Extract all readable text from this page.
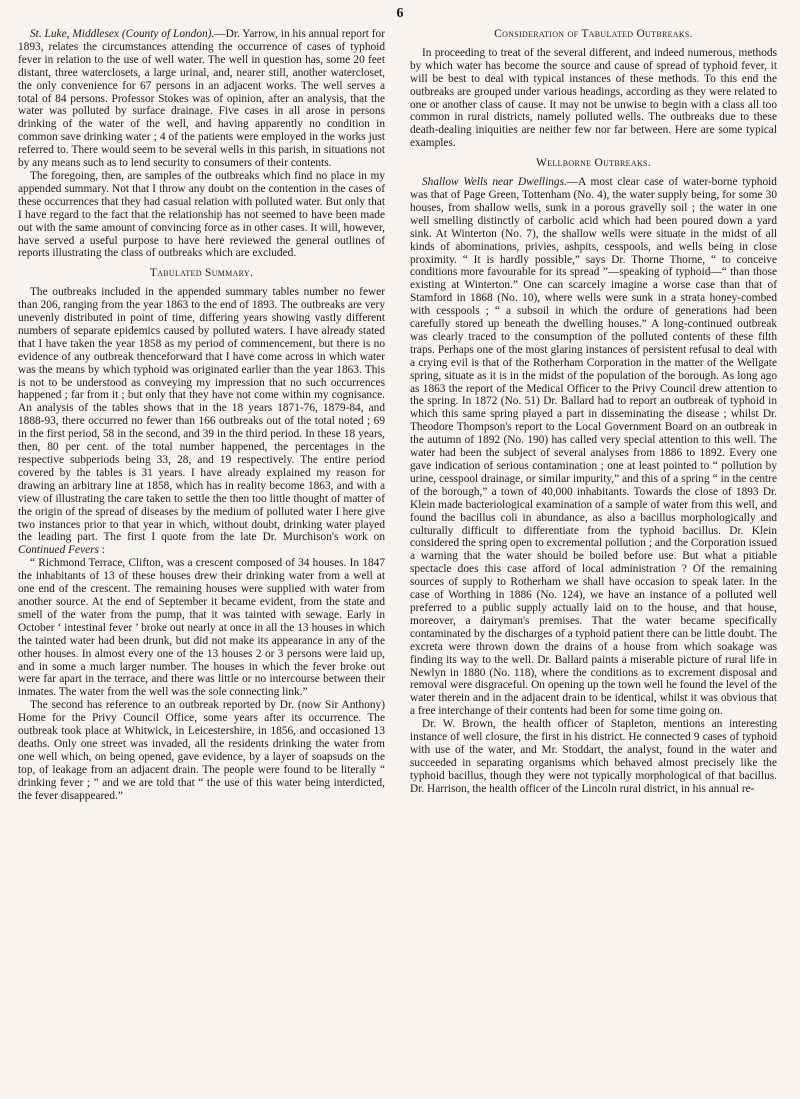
6

St. Luke, Middlesex (County of London).—Dr. Yarrow, in his annual report for 1893, relates the circumstances attending the occurrence of cases of typhoid fever in relation to the use of well water. The well in question has, some 20 feet distant, three waterclosets, a large urinal, and, nearer still, another watercloset, the only convenience for 67 persons in an adjacent works. The well serves a total of 84 persons. Professor Stokes was of opinion, after an analysis, that the water was polluted by surface drainage. Five cases in all arose in persons drinking of the water of the well, and having apparently no condition in common save drinking water ; 4 of the patients were employed in the works just referred to. There would seem to be several wells in this parish, in situations not by any means such as to lend security to consumers of their contents.

The foregoing, then, are samples of the outbreaks which find no place in my appended summary. Not that I throw any doubt on the contention in the cases of these occurrences that they had casual relation with polluted water. But only that I have regard to the fact that the relationship has not seemed to have been made out with the same amount of convincing force as in other cases. It will, however, have served a useful purpose to have here reviewed the general outlines of reports illustrating the class of outbreaks which are excluded.

Tabulated Summary.

The outbreaks included in the appended summary tables number no fewer than 206, ranging from the year 1863 to the end of 1893. The outbreaks are very unevenly distributed in point of time, differing years showing vastly different numbers of separate epidemics caused by polluted waters. I have already stated that I have taken the year 1858 as my period of commencement, but there is no evidence of any outbreak thenceforward that I have come across in which water was the means by which typhoid was originated earlier than the year 1863. This is not to be understood as conveying my impression that no such occurrences happened ; far from it ; but only that they have not come within my cognisance. An analysis of the tables shows that in the 18 years 1871-76, 1879-84, and 1888-93, there occurred no fewer than 166 outbreaks out of the total noted ; 69 in the first period, 58 in the second, and 39 in the third period. In these 18 years, then, 80 per cent. of the total number happened, the percentages in the respective subperiods being 33, 28, and 19 respectively. The entire period covered by the tables is 31 years. I have already explained my reason for drawing an arbitrary line at 1858, which has in reality become 1863, and with a view of illustrating the care taken to settle the then too little thought of matter of the origin of the spread of diseases by the medium of polluted water I here give two instances prior to that year in which, without doubt, drinking water played the leading part. The first I quote from the late Dr. Murchison's work on Continued Fevers :

“ Richmond Terrace, Clifton, was a crescent composed of 34 houses. In 1847 the inhabitants of 13 of these houses drew their drinking water from a well at one end of the crescent. The remaining houses were supplied with water from another source. At the end of September it became evident, from the state and smell of the water from the pump, that it was tainted with sewage. Early in October ‘ intestinal fever ’ broke out nearly at once in all the 13 houses in which the tainted water had been drunk, but did not make its appearance in any of the other houses. In almost every one of the 13 houses 2 or 3 persons were laid up, and in some a much larger number. The houses in which the fever broke out were far apart in the terrace, and there was little or no intercourse between their inmates. The water from the well was the sole connecting link.”

The second has reference to an outbreak reported by Dr. (now Sir Anthony) Home for the Privy Council Office, some years after its occurrence. The outbreak took place at Whitwick, in Leicestershire, in 1856, and occasioned 13 deaths. Only one street was invaded, all the residents drinking the water from one well which, on being opened, gave evidence, by a layer of soapsuds on the top, of leakage from an adjacent drain. The people were found to be literally “ drinking fever ; ” and we are told that “ the use of this water being interdicted, the fever disappeared.”

Consideration of Tabulated Outbreaks.

In proceeding to treat of the several different, and indeed numerous, methods by which water has become the source and cause of spread of typhoid fever, it will be best to deal with typical instances of these methods. To this end the outbreaks are grouped under various headings, according as they were related to one or another class of cause. It may not be unwise to begin with a class all too common in rural districts, namely polluted wells. The outbreaks due to these death-dealing iniquities are neither few nor far between. Here are some typical examples.

Wellborne Outbreaks.

Shallow Wells near Dwellings.—A most clear case of water-borne typhoid was that of Page Green, Tottenham (No. 4), the water supply being, for some 30 houses, from shallow wells, sunk in a porous gravelly soil ; the water in one well smelling distinctly of carbolic acid which had been poured down a yard sink. At Winterton (No. 7), the shallow wells were situate in the midst of all kinds of abominations, privies, ashpits, cesspools, and wells being in close proximity. “ It is hardly possible,” says Dr. Thorne Thorne, “ to conceive conditions more favourable for its spread ”—speaking of typhoid—“ than those existing at Winterton.” One can scarcely imagine a worse case than that of Stamford in 1868 (No. 10), where wells were sunk in a strata honey-combed with cesspools ; “ a subsoil in which the ordure of generations had been carefully stored up beneath the dwelling houses.” A long-continued outbreak was clearly traced to the consumption of the polluted contents of these filth traps. Perhaps one of the most glaring instances of persistent refusal to deal with a crying evil is that of the Rotherham Corporation in the matter of the Wellgate spring, situate as it is in the midst of the population of the borough. As long ago as 1863 the report of the Medical Officer to the Privy Council drew attention to the spring. In 1872 (No. 51) Dr. Ballard had to report an outbreak of typhoid in which this same spring played a part in disseminating the disease ; whilst Dr. Theodore Thompson's report to the Local Government Board on an outbreak in the autumn of 1892 (No. 190) has called very special attention to this well. The water had been the subject of several analyses from 1886 to 1892. Every one gave indication of serious contamination ; one at least pointed to “ pollution by urine, cesspool drainage, or similar impurity,” and this of a spring “ in the centre of the borough,” a town of 40,000 inhabitants. Towards the close of 1893 Dr. Klein made bacteriological examination of a sample of water from this well, and found the bacillus coli in abundance, as also a bacillus morphologically and culturally difficult to differentiate from the typhoid bacillus. Dr. Klein considered the spring open to excremental pollution ; and the Corporation issued a warning that the water should be boiled before use. But what a pitiable spectacle does this case afford of local administration ? Of the remaining sources of supply to Rotherham we shall have occasion to speak later. In the case of Worthing in 1886 (No. 124), we have an instance of a polluted well preferred to a public supply actually laid on to the house, and that house, moreover, a dairyman's premises. That the water became specifically contaminated by the discharges of a typhoid patient there can be little doubt. The excreta were thrown down the drains of a house from which soakage was finding its way to the well. Dr. Ballard paints a miserable picture of rural life in Newlyn in 1880 (No. 118), where the conditions as to excrement disposal and removal were disgraceful. On opening up the town well he found the level of the water therein and in the adjacent drain to be identical, whilst it was obvious that a free interchange of their contents had been for some time going on.

Dr. W. Brown, the health officer of Stapleton, mentions an interesting instance of well closure, the first in his district. He connected 9 cases of typhoid with use of the water, and Mr. Stoddart, the analyst, found in the water and succeeded in separating organisms which behaved almost precisely like the typhoid bacillus, though they were not typically morphological of that bacillus. Dr. Harrison, the health officer of the Lincoln rural district, in his annual re-
